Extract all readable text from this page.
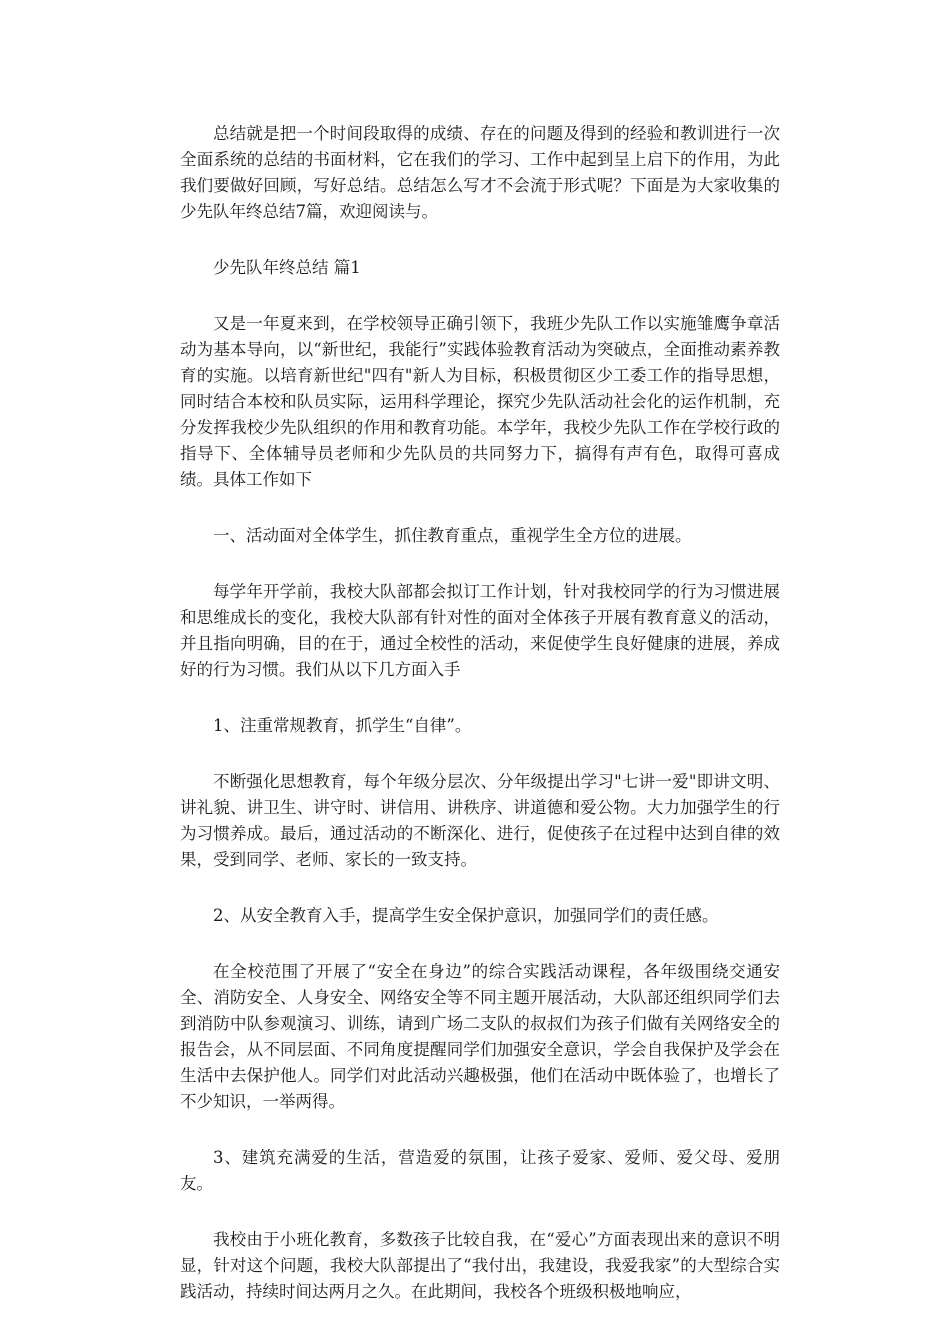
总结就是把一个时间段取得的成绩、存在的问题及得到的经验和教训进行一次全面系统的总结的书面材料，它在我们的学习、工作中起到呈上启下的作用，为此我们要做好回顾，写好总结。总结怎么写才不会流于形式呢？下面是为大家收集的少先队年终总结7篇，欢迎阅读与。

少先队年终总结 篇1

又是一年夏来到，在学校领导正确引领下，我班少先队工作以实施雏鹰争章活动为基本导向，以“新世纪，我能行”实践体验教育活动为突破点，全面推动素养教育的实施。以培育新世纪"四有"新人为目标，积极贯彻区少工委工作的指导思想，同时结合本校和队员实际，运用科学理论，探究少先队活动社会化的运作机制，充分发挥我校少先队组织的作用和教育功能。本学年，我校少先队工作在学校行政的指导下、全体辅导员老师和少先队员的共同努力下，搞得有声有色，取得可喜成绩。具体工作如下

一、活动面对全体学生，抓住教育重点，重视学生全方位的进展。

每学年开学前，我校大队部都会拟订工作计划，针对我校同学的行为习惯进展和思维成长的变化，我校大队部有针对性的面对全体孩子开展有教育意义的活动，并且指向明确，目的在于，通过全校性的活动，来促使学生良好健康的进展，养成好的行为习惯。我们从以下几方面入手

1、注重常规教育，抓学生“自律”。

不断强化思想教育，每个年级分层次、分年级提出学习"七讲一爱"即讲文明、讲礼貌、讲卫生、讲守时、讲信用、讲秩序、讲道德和爱公物。大力加强学生的行为习惯养成。最后，通过活动的不断深化、进行，促使孩子在过程中达到自律的效果，受到同学、老师、家长的一致支持。

2、从安全教育入手，提高学生安全保护意识，加强同学们的责任感。

在全校范围了开展了“安全在身边”的综合实践活动课程，各年级围绕交通安全、消防安全、人身安全、网络安全等不同主题开展活动，大队部还组织同学们去到消防中队参观演习、训练，请到广场二支队的叔叔们为孩子们做有关网络安全的报告会，从不同层面、不同角度提醒同学们加强安全意识，学会自我保护及学会在生活中去保护他人。同学们对此活动兴趣极强，他们在活动中既体验了，也增长了不少知识，一举两得。

3、建筑充满爱的生活，营造爱的氛围，让孩子爱家、爱师、爱父母、爱朋友。

我校由于小班化教育，多数孩子比较自我，在“爱心”方面表现出来的意识不明显，针对这个问题，我校大队部提出了“我付出，我建设，我爱我家”的大型综合实践活动，持续时间达两月之久。在此期间，我校各个班级积极地响应，
